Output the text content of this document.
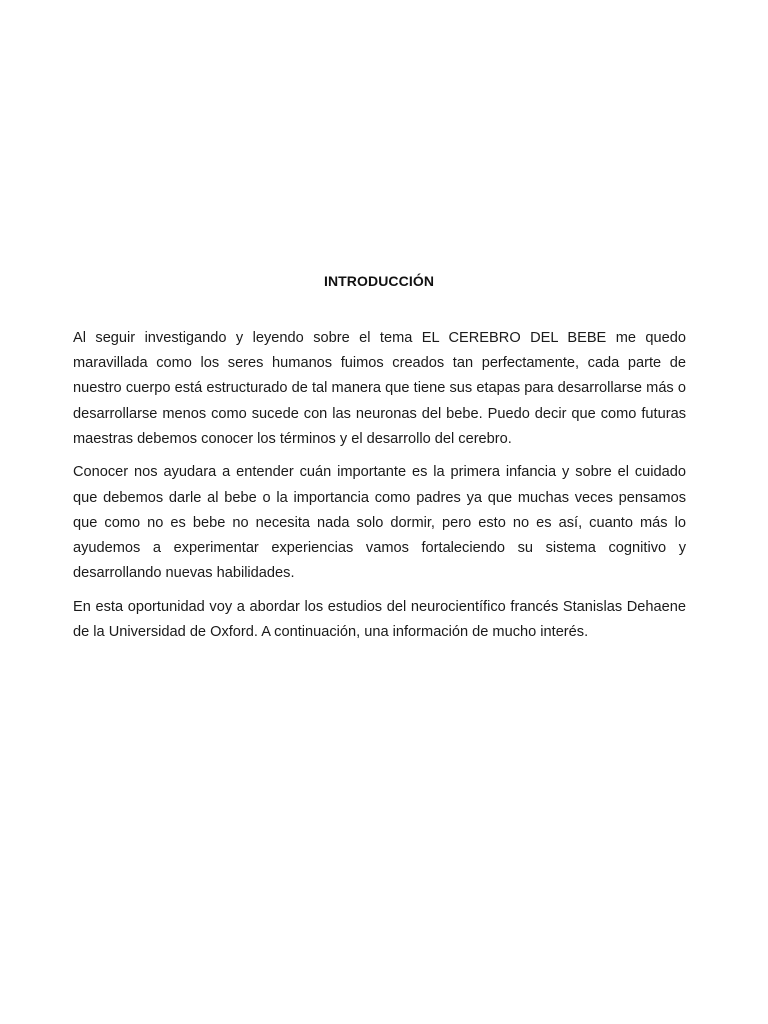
INTRODUCCIÓN

Al seguir investigando y leyendo sobre el tema EL CEREBRO DEL BEBE me quedo maravillada como los seres humanos fuimos creados tan perfectamente, cada parte de nuestro cuerpo está estructurado de tal manera que tiene sus etapas para desarrollarse más o desarrollarse menos como sucede con las neuronas del bebe. Puedo decir que como futuras maestras debemos conocer los términos y el desarrollo del cerebro.

Conocer nos ayudara a entender cuán importante es la primera infancia y sobre el cuidado que debemos darle al bebe o la importancia como padres ya que muchas veces pensamos que como no es bebe no necesita nada solo dormir, pero esto no es así, cuanto más lo ayudemos a experimentar experiencias vamos fortaleciendo su sistema cognitivo y desarrollando nuevas habilidades.

En esta oportunidad voy a abordar los estudios del neurocientífico francés Stanislas Dehaene de la Universidad de Oxford. A continuación, una información de mucho interés.
